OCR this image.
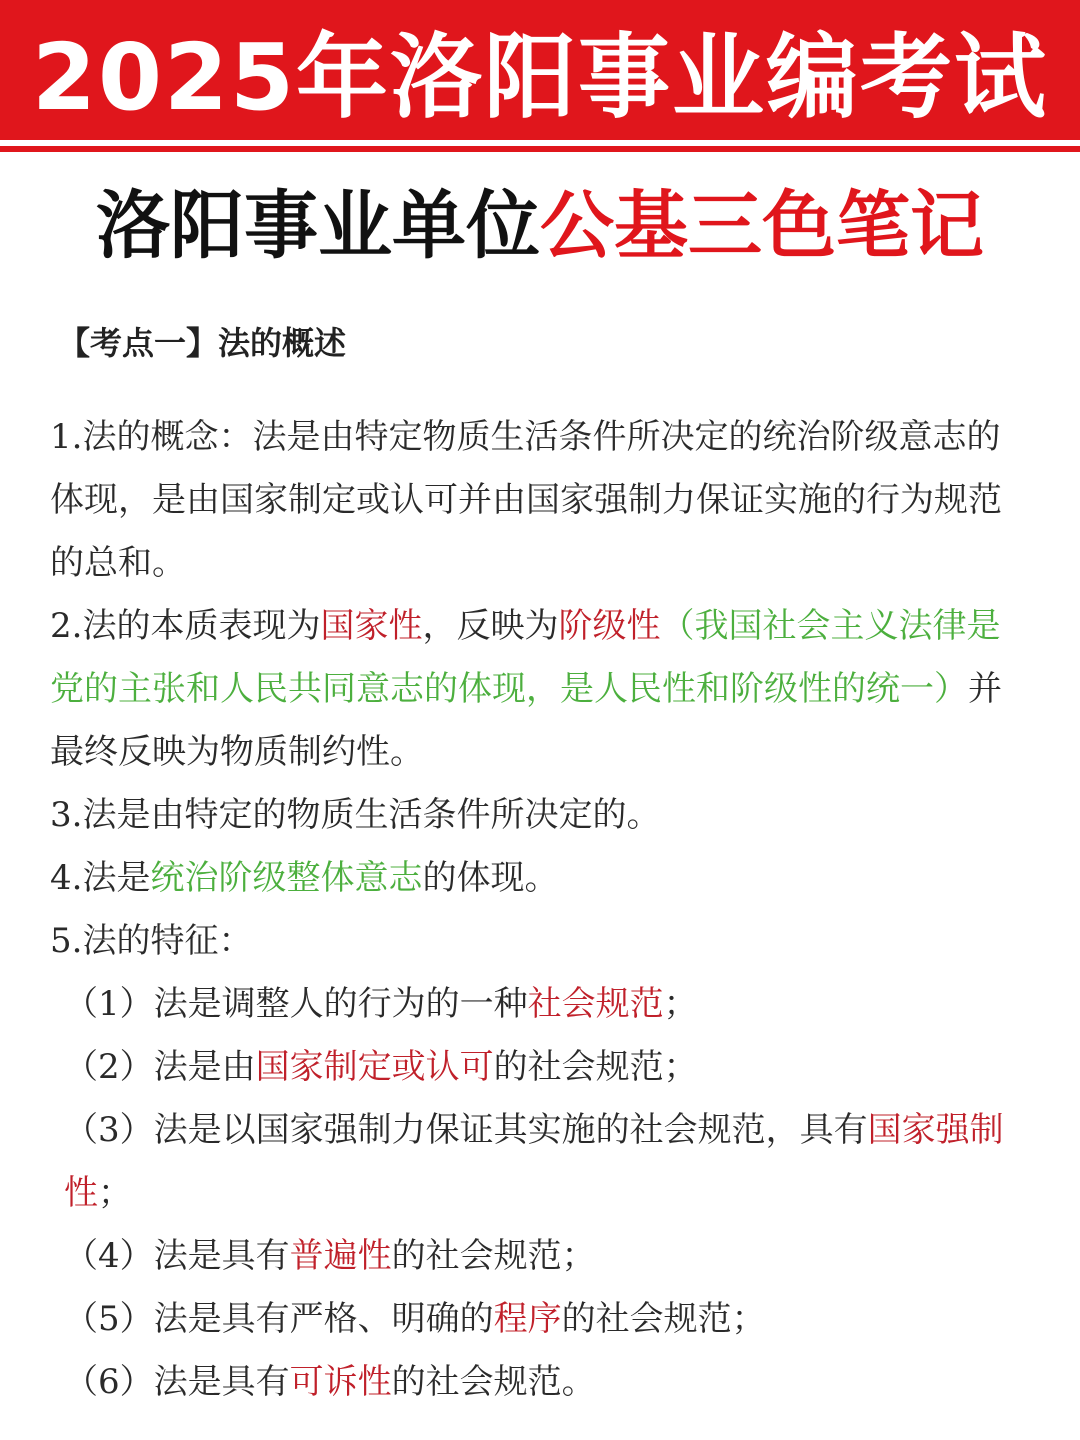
2025年洛阳事业编考试
洛阳事业单位 公基三色笔记
【考点一】法的概述

1.法的概念：法是由特定物质生活条件所决定的统治阶级意志的体现，是由国家制定或认可并由国家强制力保证实施的行为规范的总和。

2.法的本质表现为国家性，反映为阶级性（我国社会主义法律是党的主张和人民共同意志的体现，是人民性和阶级性的统一）并最终反映为物质制约性。

3.法是由特定的物质生活条件所决定的。

4.法是统治阶级整体意志的体现。

5.法的特征：

（1）法是调整人的行为的一种社会规范；

（2）法是由国家制定或认可的社会规范；

（3）法是以国家强制力保证其实施的社会规范，具有国家强制性；

（4）法是具有普遍性的社会规范；

（5）法是具有严格、明确的程序的社会规范；

（6）法是具有可诉性的社会规范。
